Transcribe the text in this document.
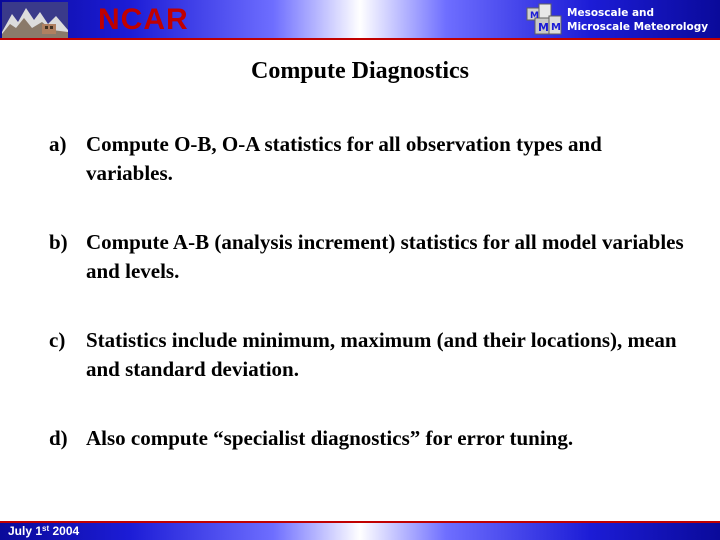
NCAR	M
M M
Mesoscale and
Microscale Meteorology
Compute Diagnostics
a) Compute O-B, O-A statistics for all observation types and variables.
b) Compute A-B (analysis increment) statistics for all model variables and levels.
c) Statistics include minimum, maximum (and their locations), mean and standard deviation.
d) Also compute “specialist diagnostics” for error tuning.
July 1st 2004
